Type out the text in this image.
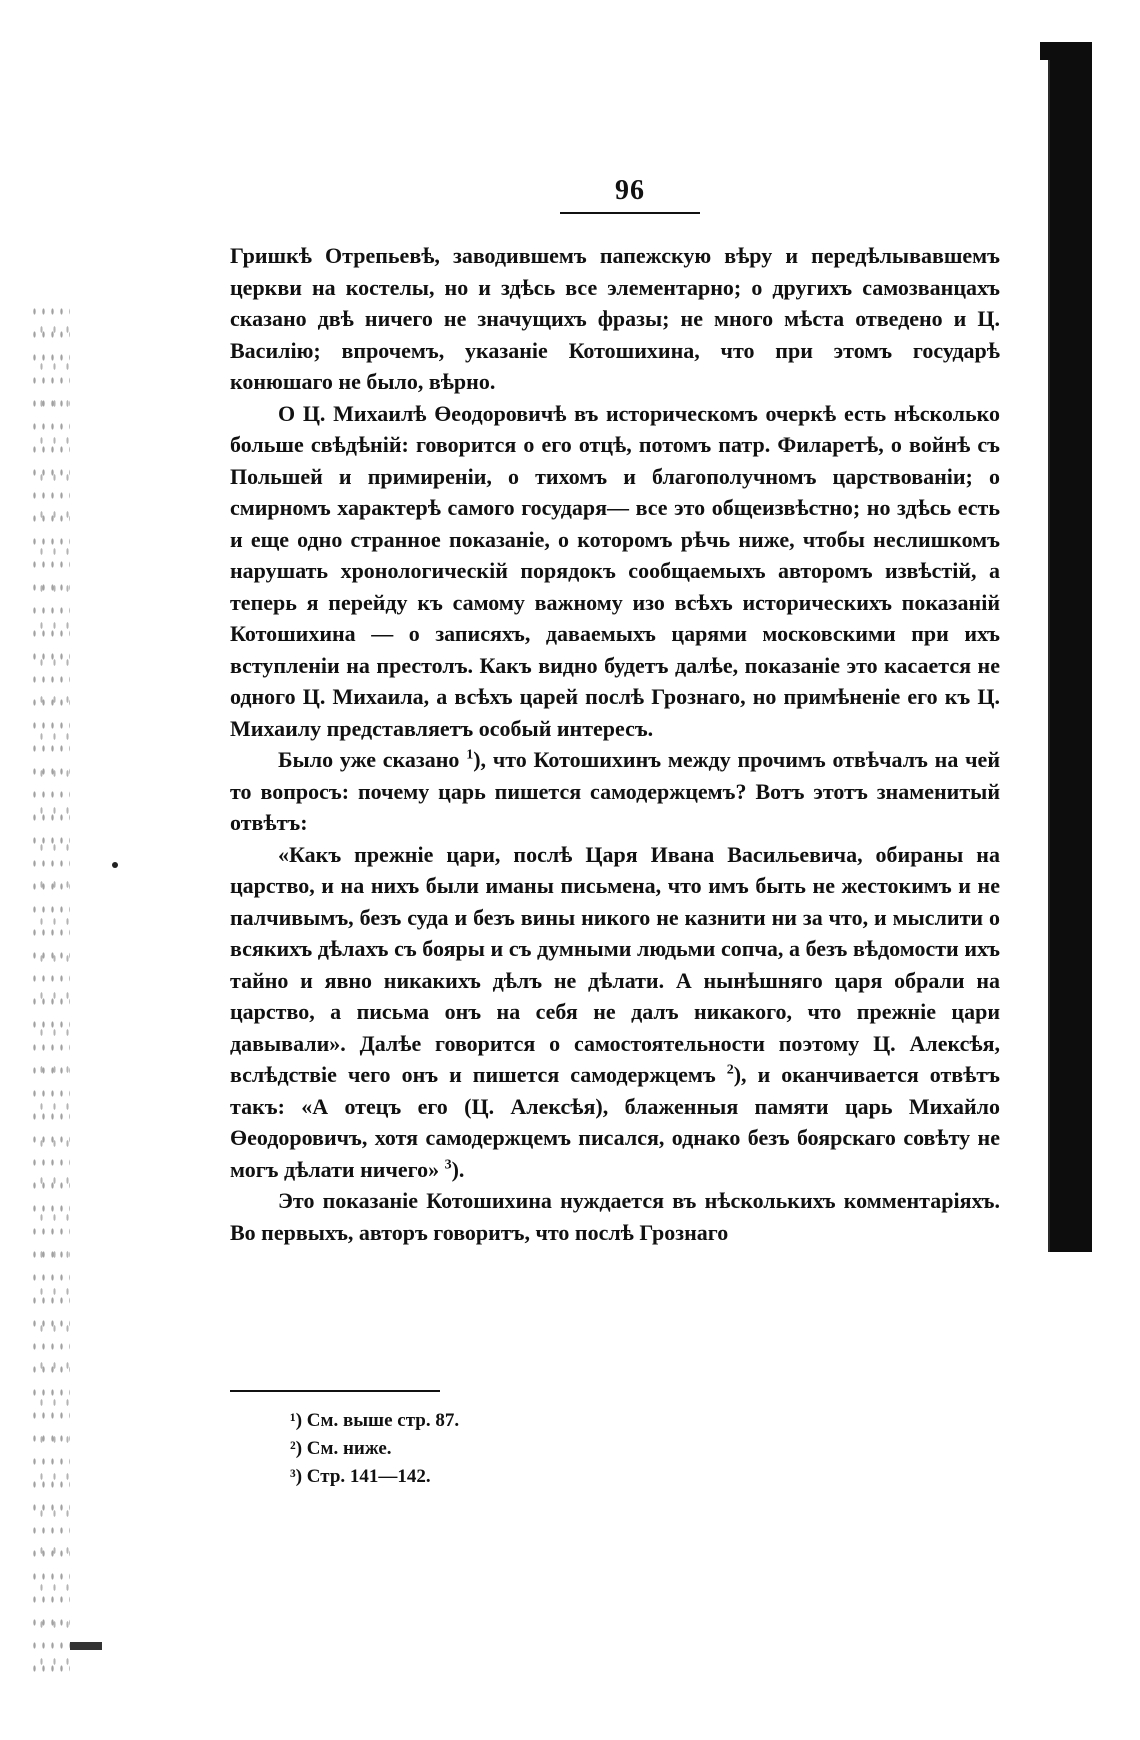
96

Гришкѣ Отрепьевѣ, заводившемъ папежскую вѣру и передѣлывавшемъ церкви на костелы, но и здѣсь все элементарно; о другихъ самозванцахъ сказано двѣ ничего не значущихъ фразы; не много мѣста отведено и Ц. Василію; впрочемъ, указаніе Котошихина, что при этомъ государѣ конюшаго не было, вѣрно.

О Ц. Михаилѣ Өеодоровичѣ въ историческомъ очеркѣ есть нѣсколько больше свѣдѣній: говорится о его отцѣ, потомъ патр. Филаретѣ, о войнѣ съ Польшей и примиреніи, о тихомъ и благополучномъ царствованіи; о смирномъ характерѣ самого государя— все это общеизвѣстно; но здѣсь есть и еще одно странное показаніе, о которомъ рѣчь ниже, чтобы неслишкомъ нарушать хронологическій порядокъ сообщаемыхъ авторомъ извѣстій, а теперь я перейду къ самому важному изо всѣхъ историческихъ показаній Котошихина — о записяхъ, даваемыхъ царями московскими при ихъ вступленіи на престолъ. Какъ видно будетъ далѣе, показаніе это касается не одного Ц. Михаила, а всѣхъ царей послѣ Грознаго, но примѣненіе его къ Ц. Михаилу представляетъ особый интересъ.

Было уже сказано $^1$), что Котошихинъ между прочимъ отвѣчалъ на чей то вопросъ: почему царь пишется самодержцемъ? Вотъ этотъ знаменитый отвѣтъ:

«Какъ прежніе цари, послѣ Царя Ивана Васильевича, обираны на царство, и на нихъ были иманы письмена, что имъ быть не жестокимъ и не палчивымъ, безъ суда и безъ вины никого не казнити ни за что, и мыслити о всякихъ дѣлахъ съ бояры и съ думными людьми сопча, а безъ вѣдомости ихъ тайно и явно никакихъ дѣлъ не дѣлати. А нынѣшняго царя обрали на царство, а письма онъ на себя не далъ никакого, что прежніе цари давывали». Далѣе говорится о самостоятельности поэтому Ц. Алексѣя, вслѣдствіе чего онъ и пишется самодержцемъ $^2$), и оканчивается отвѣтъ такъ: «А отецъ его (Ц. Алексѣя), блаженныя памяти царь Михайло Өеодоровичъ, хотя самодержцемъ писался, однако безъ боярскаго совѣту не могъ дѣлати ничего» $^3$).

Это показаніе Котошихина нуждается въ нѣсколькихъ комментаріяхъ. Во первыхъ, авторъ говоритъ, что послѣ Грознаго

¹) См. выше стр. 87.
²) См. ниже.
³) Стр. 141—142.
